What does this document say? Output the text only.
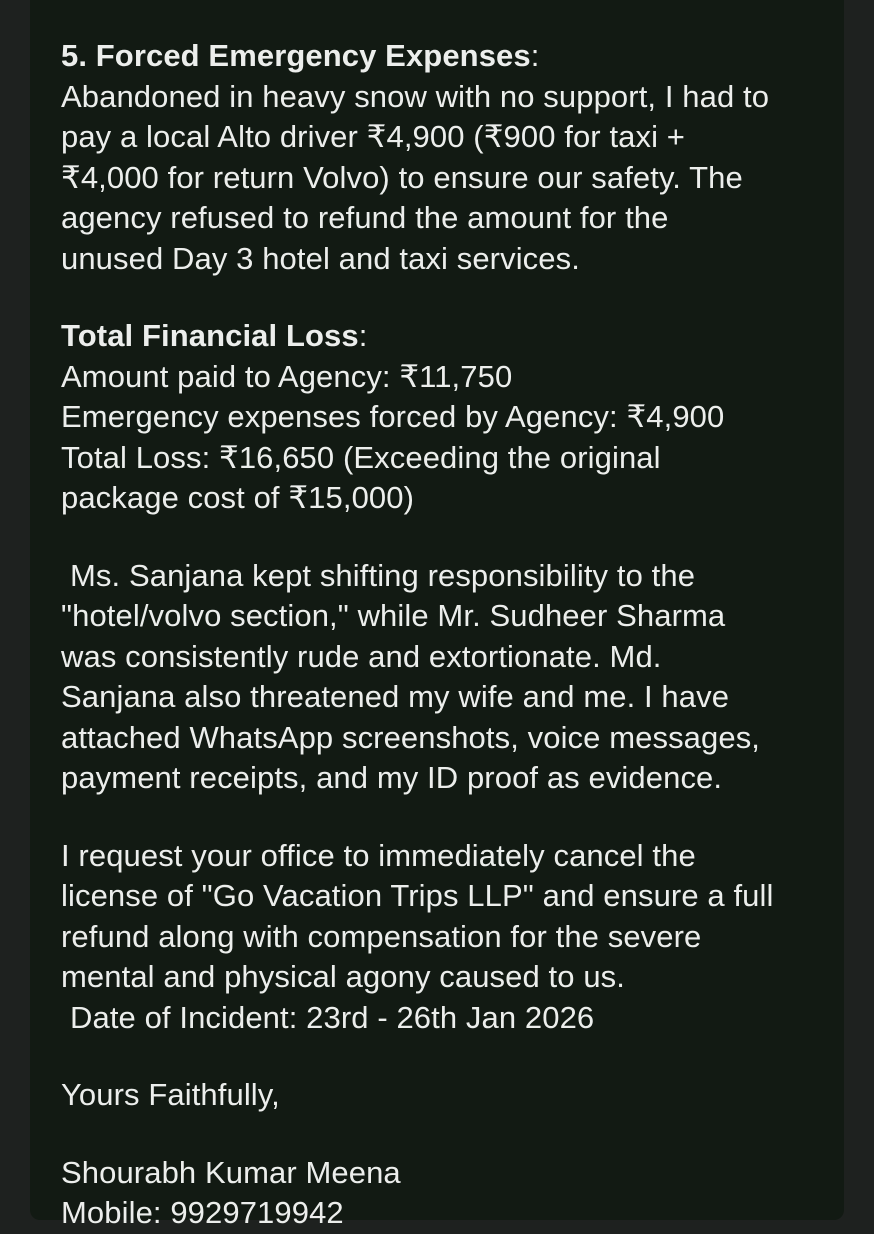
5. Forced Emergency Expenses:
Abandoned in heavy snow with no support, I had to
pay a local Alto driver ₹4,900 (₹900 for taxi +
₹4,000 for return Volvo) to ensure our safety. The
agency refused to refund the amount for the
unused Day 3 hotel and taxi services.
Total Financial Loss:
Amount paid to Agency: ₹11,750
Emergency expenses forced by Agency: ₹4,900
Total Loss: ₹16,650 (Exceeding the original
package cost of ₹15,000)
Ms. Sanjana kept shifting responsibility to the
"hotel/volvo section," while Mr. Sudheer Sharma
was consistently rude and extortionate. Md.
Sanjana also threatened my wife and me. I have
attached WhatsApp screenshots, voice messages,
payment receipts, and my ID proof as evidence.
I request your office to immediately cancel the
license of "Go Vacation Trips LLP" and ensure a full
refund along with compensation for the severe
mental and physical agony caused to us.
Date of Incident: 23rd - 26th Jan 2026
Yours Faithfully,
Shourabh Kumar Meena
Mobile: 9929719942
